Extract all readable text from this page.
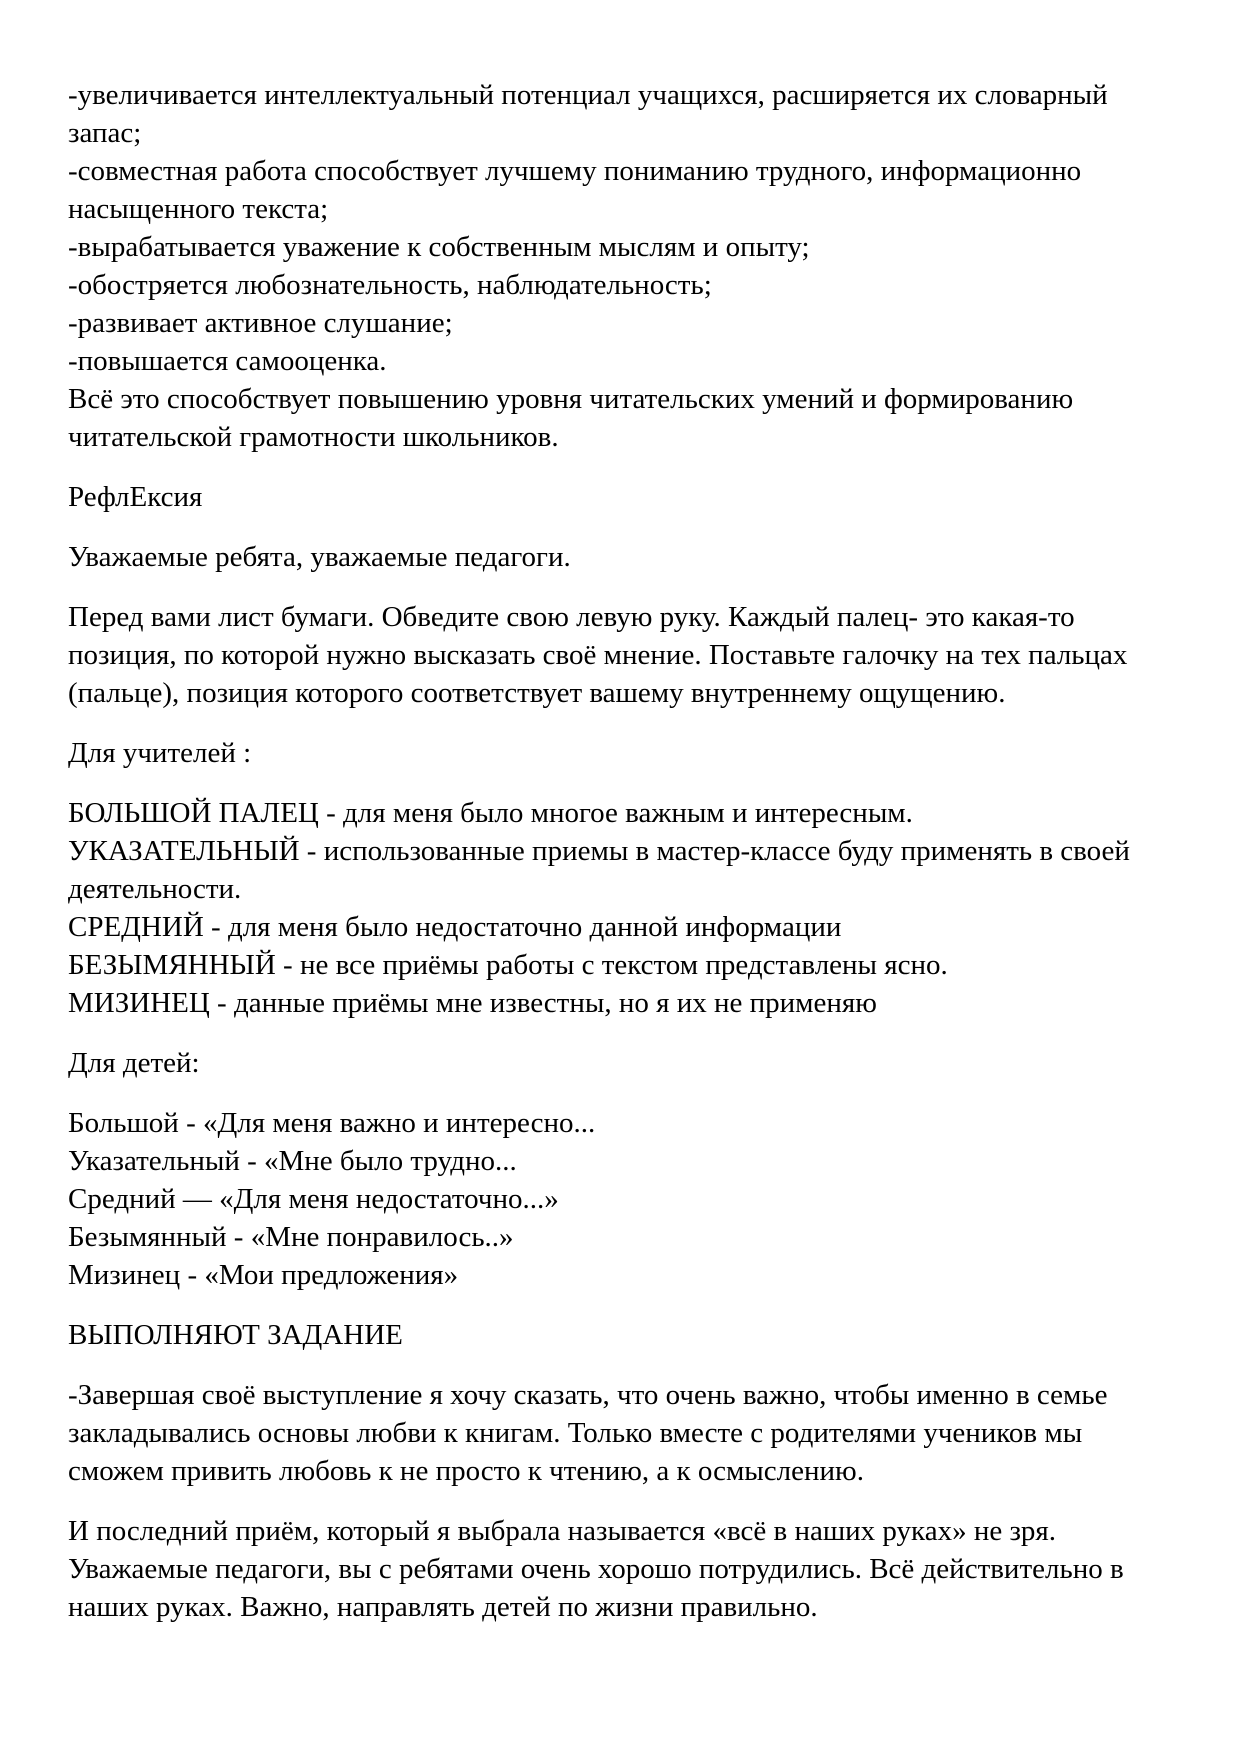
-увеличивается интеллектуальный потенциал учащихся, расширяется их словарный
запас;
-совместная работа способствует лучшему пониманию трудного, информационно
насыщенного текста;
-вырабатывается уважение к собственным мыслям и опыту;
-обостряется любознательность, наблюдательность;
-развивает активное слушание;
-повышается самооценка.
Всё это способствует повышению уровня читательских умений и формированию
читательской грамотности школьников.
РефлЕксия
Уважаемые ребята, уважаемые педагоги.
Перед вами лист бумаги. Обведите свою левую руку. Каждый палец- это какая-то
позиция, по которой нужно высказать своё мнение. Поставьте галочку на тех пальцах
(пальце), позиция которого соответствует вашему внутреннему ощущению.
Для учителей :
БОЛЬШОЙ ПАЛЕЦ - для меня было многое важным и интересным.
УКАЗАТЕЛЬНЫЙ - использованные приемы в мастер-классе буду применять в своей
деятельности.
СРЕДНИЙ - для меня было недостаточно данной информации
БЕЗЫМЯННЫЙ - не все приёмы работы с текстом представлены ясно.
МИЗИНЕЦ - данные приёмы мне известны, но я их не применяю
Для детей:
Большой - «Для меня важно и интересно...
Указательный - «Мне было трудно...
Средний — «Для меня недостаточно...»
Безымянный - «Мне понравилось..»
Мизинец - «Мои предложения»
ВЫПОЛНЯЮТ ЗАДАНИЕ
-Завершая своё выступление я хочу сказать, что очень важно, чтобы именно в семье
закладывались основы любви к книгам. Только вместе с родителями учеников мы
сможем привить любовь к не просто к чтению, а к осмыслению.
И последний приём, который я выбрала называется «всё в наших руках» не зря.
Уважаемые педагоги, вы с ребятами очень хорошо потрудились. Всё действительно в
наших руках. Важно, направлять детей по жизни правильно.
